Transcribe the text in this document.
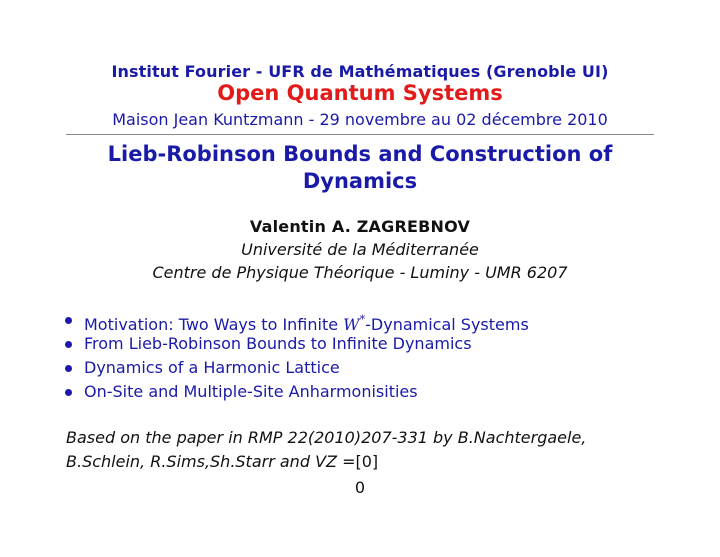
Institut Fourier - UFR de Mathématiques (Grenoble UI)
Open Quantum Systems
Maison Jean Kuntzmann - 29 novembre au 02 décembre 2010
Lieb-Robinson Bounds and Construction of Dynamics
Valentin A. ZAGREBNOV
Université de la Méditerranée
Centre de Physique Théorique - Luminy - UMR 6207
Motivation: Two Ways to Infinite W*-Dynamical Systems
From Lieb-Robinson Bounds to Infinite Dynamics
Dynamics of a Harmonic Lattice
On-Site and Multiple-Site Anharmonisities
Based on the paper in RMP 22(2010)207-331 by B.Nachtergaele,
B.Schlein, R.Sims,Sh.Starr and VZ =[0]
0
